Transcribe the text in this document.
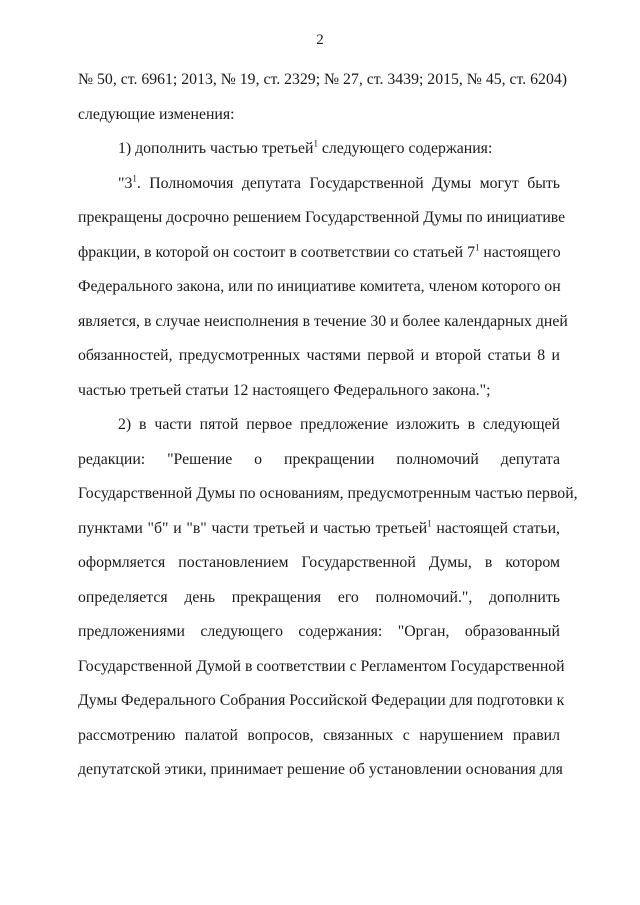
2
№ 50, ст. 6961; 2013, № 19, ст. 2329; № 27, ст. 3439; 2015, № 45, ст. 6204)
следующие изменения:
1) дополнить частью третьей$^1$ следующего содержания:
"$3^1$. Полномочия депутата Государственной Думы могут быть
прекращены досрочно решением Государственной Думы по инициативе
фракции, в которой он состоит в соответствии со статьей $7^1$ настоящего
Федерального закона, или по инициативе комитета, членом которого он
является, в случае неисполнения в течение 30 и более календарных дней
обязанностей, предусмотренных частями первой и второй статьи 8 и
частью третьей статьи 12 настоящего Федерального закона.";
2) в части пятой первое предложение изложить в следующей
редакции: "Решение о прекращении полномочий депутата
Государственной Думы по основаниям, предусмотренным частью первой,
пунктами "б" и "в" части третьей и частью третьей$^1$ настоящей статьи,
оформляется постановлением Государственной Думы, в котором
определяется день прекращения его полномочий.", дополнить
предложениями следующего содержания: "Орган, образованный
Государственной Думой в соответствии с Регламентом Государственной
Думы Федерального Собрания Российской Федерации для подготовки к
рассмотрению палатой вопросов, связанных с нарушением правил
депутатской этики, принимает решение об установлении основания для
